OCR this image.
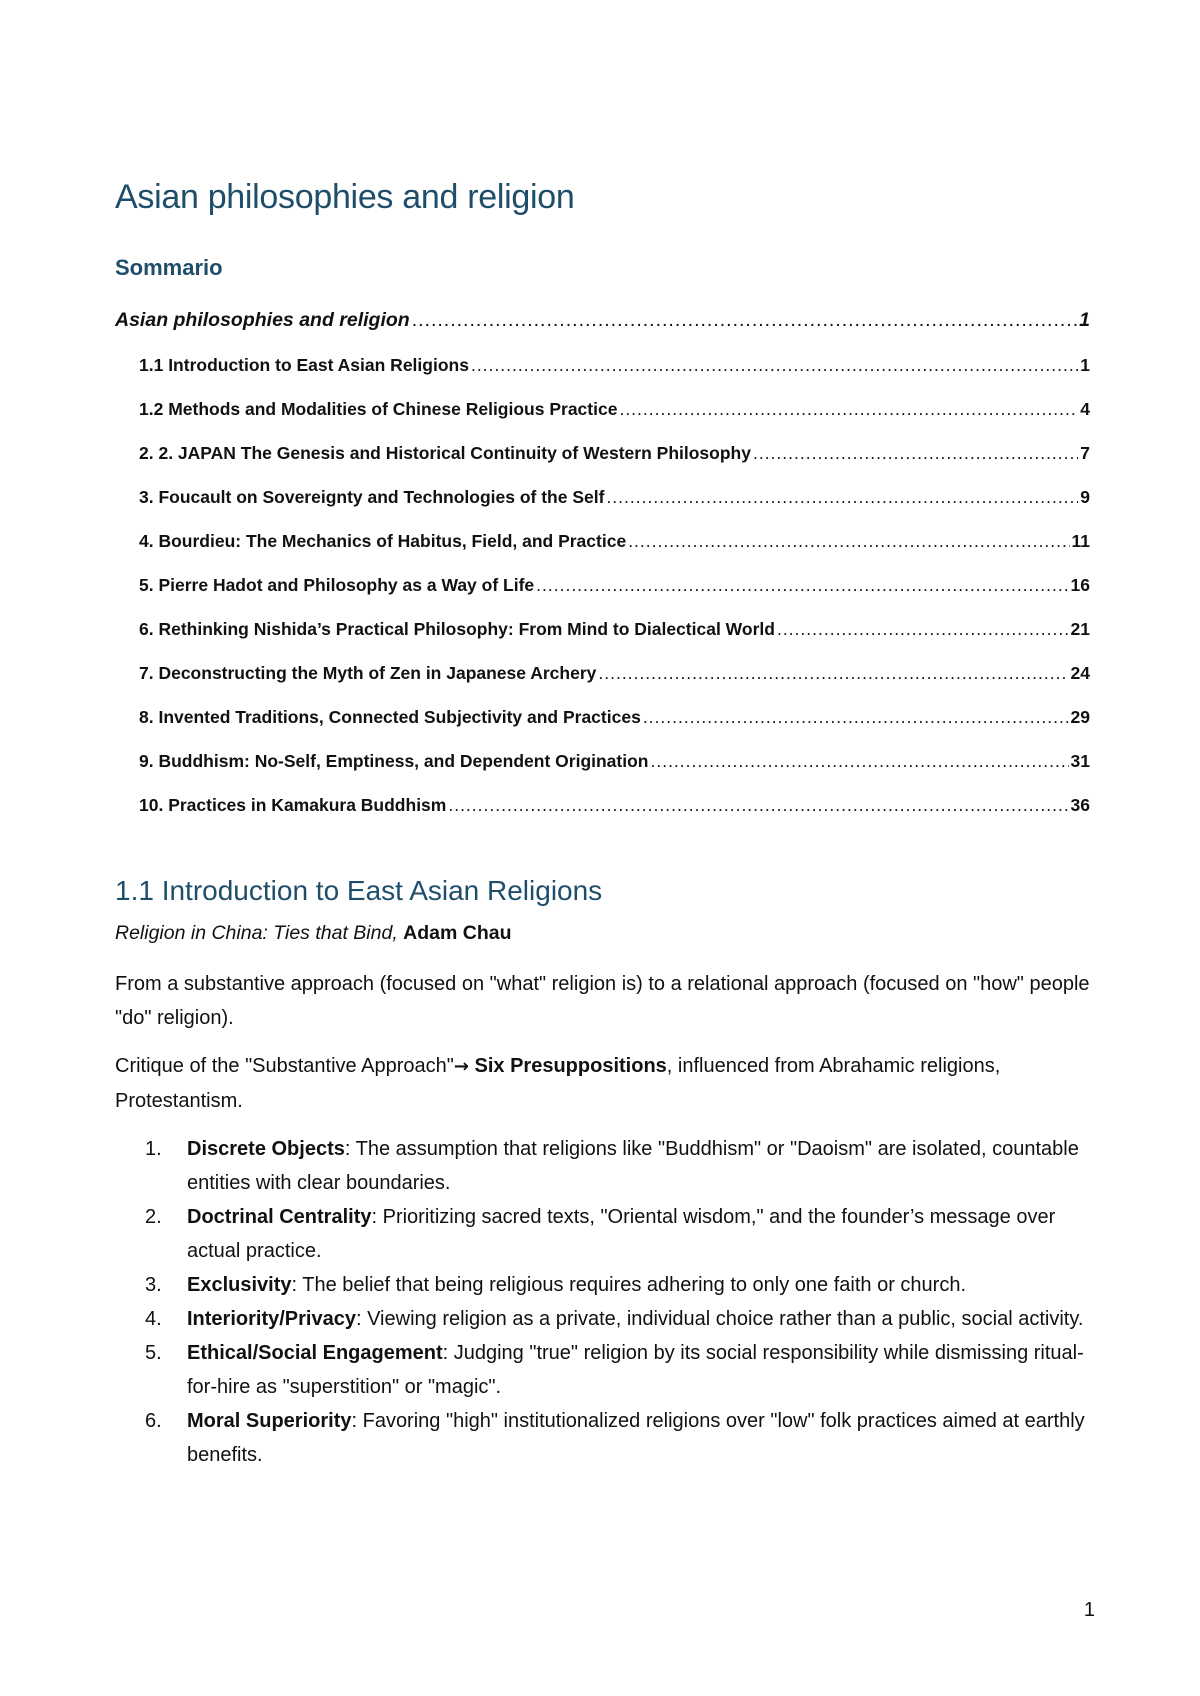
Asian philosophies and religion
Sommario
Asian philosophies and religion .....	1
1.1 Introduction to East Asian Religions .....	1
1.2 Methods and Modalities of Chinese Religious Practice .....	4
2. 2. JAPAN The Genesis and Historical Continuity of Western Philosophy .....	7
3. Foucault on Sovereignty and Technologies of the Self .....	9
4. Bourdieu: The Mechanics of Habitus, Field, and Practice .....	11
5. Pierre Hadot and Philosophy as a Way of Life .....	16
6. Rethinking Nishida’s Practical Philosophy: From Mind to Dialectical World .....	21
7. Deconstructing the Myth of Zen in Japanese Archery .....	24
8. Invented Traditions, Connected Subjectivity and Practices .....	29
9. Buddhism: No-Self, Emptiness, and Dependent Origination .....	31
10. Practices in Kamakura Buddhism .....	36
1.1 Introduction to East Asian Religions

Religion in China: Ties that Bind, Adam Chau

From a substantive approach (focused on "what" religion is) to a relational approach (focused on "how" people "do" religion).

Critique of the "Substantive Approach"→ Six Presuppositions, influenced from Abrahamic religions, Protestantism.

1. Discrete Objects: The assumption that religions like "Buddhism" or "Daoism" are isolated, countable entities with clear boundaries.
2. Doctrinal Centrality: Prioritizing sacred texts, "Oriental wisdom," and the founder’s message over actual practice.
3. Exclusivity: The belief that being religious requires adhering to only one faith or church.
4. Interiority/Privacy: Viewing religion as a private, individual choice rather than a public, social activity.
5. Ethical/Social Engagement: Judging "true" religion by its social responsibility while dismissing ritual-for-hire as "superstition" or "magic".
6. Moral Superiority: Favoring "high" institutionalized religions over "low" folk practices aimed at earthly benefits.
1
